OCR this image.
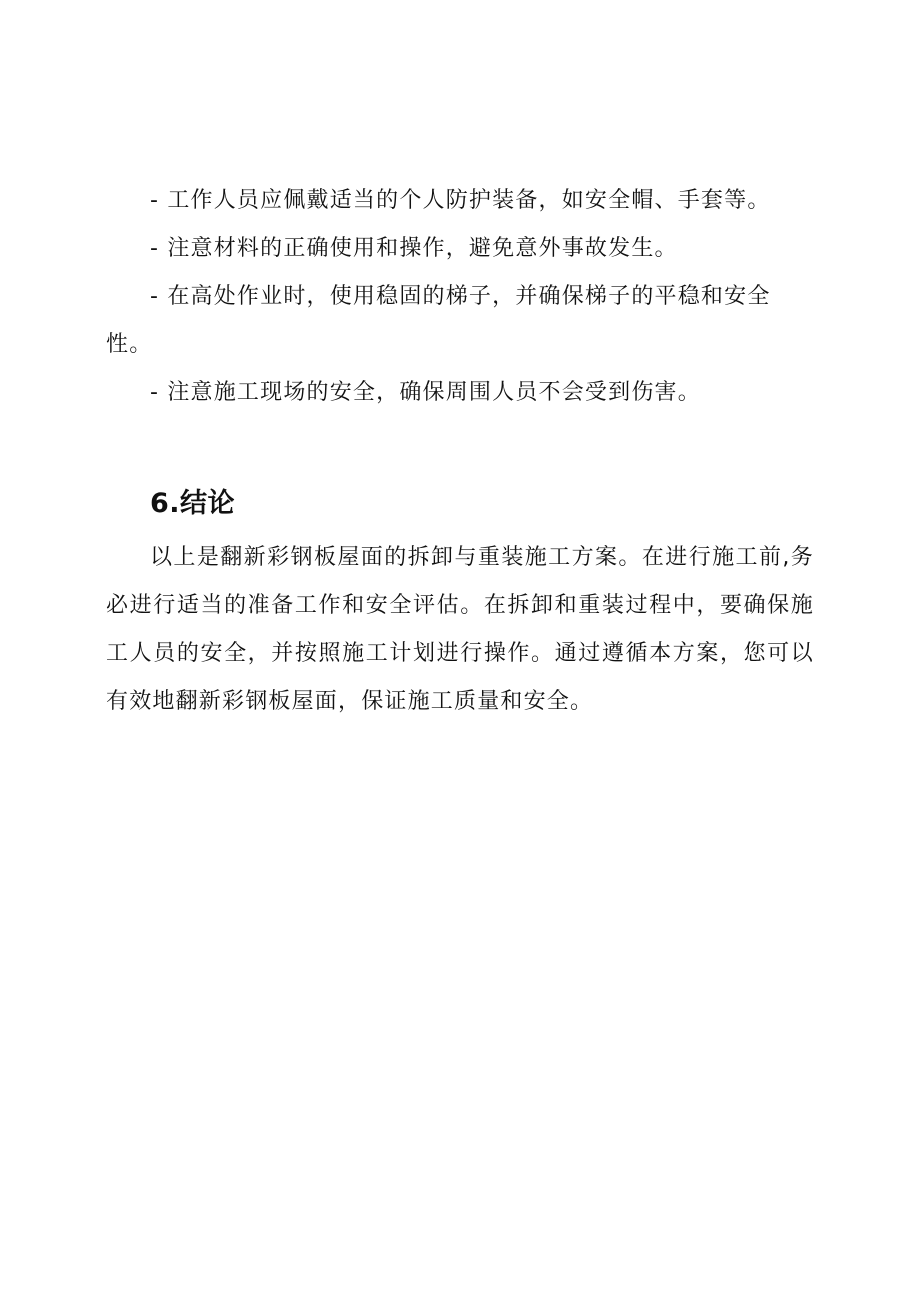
- 工作人员应佩戴适当的个人防护装备，如安全帽、手套等。

- 注意材料的正确使用和操作，避免意外事故发生。

- 在高处作业时，使用稳固的梯子，并确保梯子的平稳和安全性。

- 注意施工现场的安全，确保周围人员不会受到伤害。

6.结论

以上是翻新彩钢板屋面的拆卸与重装施工方案。在进行施工前,务必进行适当的准备工作和安全评估。在拆卸和重装过程中，要确保施工人员的安全，并按照施工计划进行操作。通过遵循本方案，您可以有效地翻新彩钢板屋面，保证施工质量和安全。
